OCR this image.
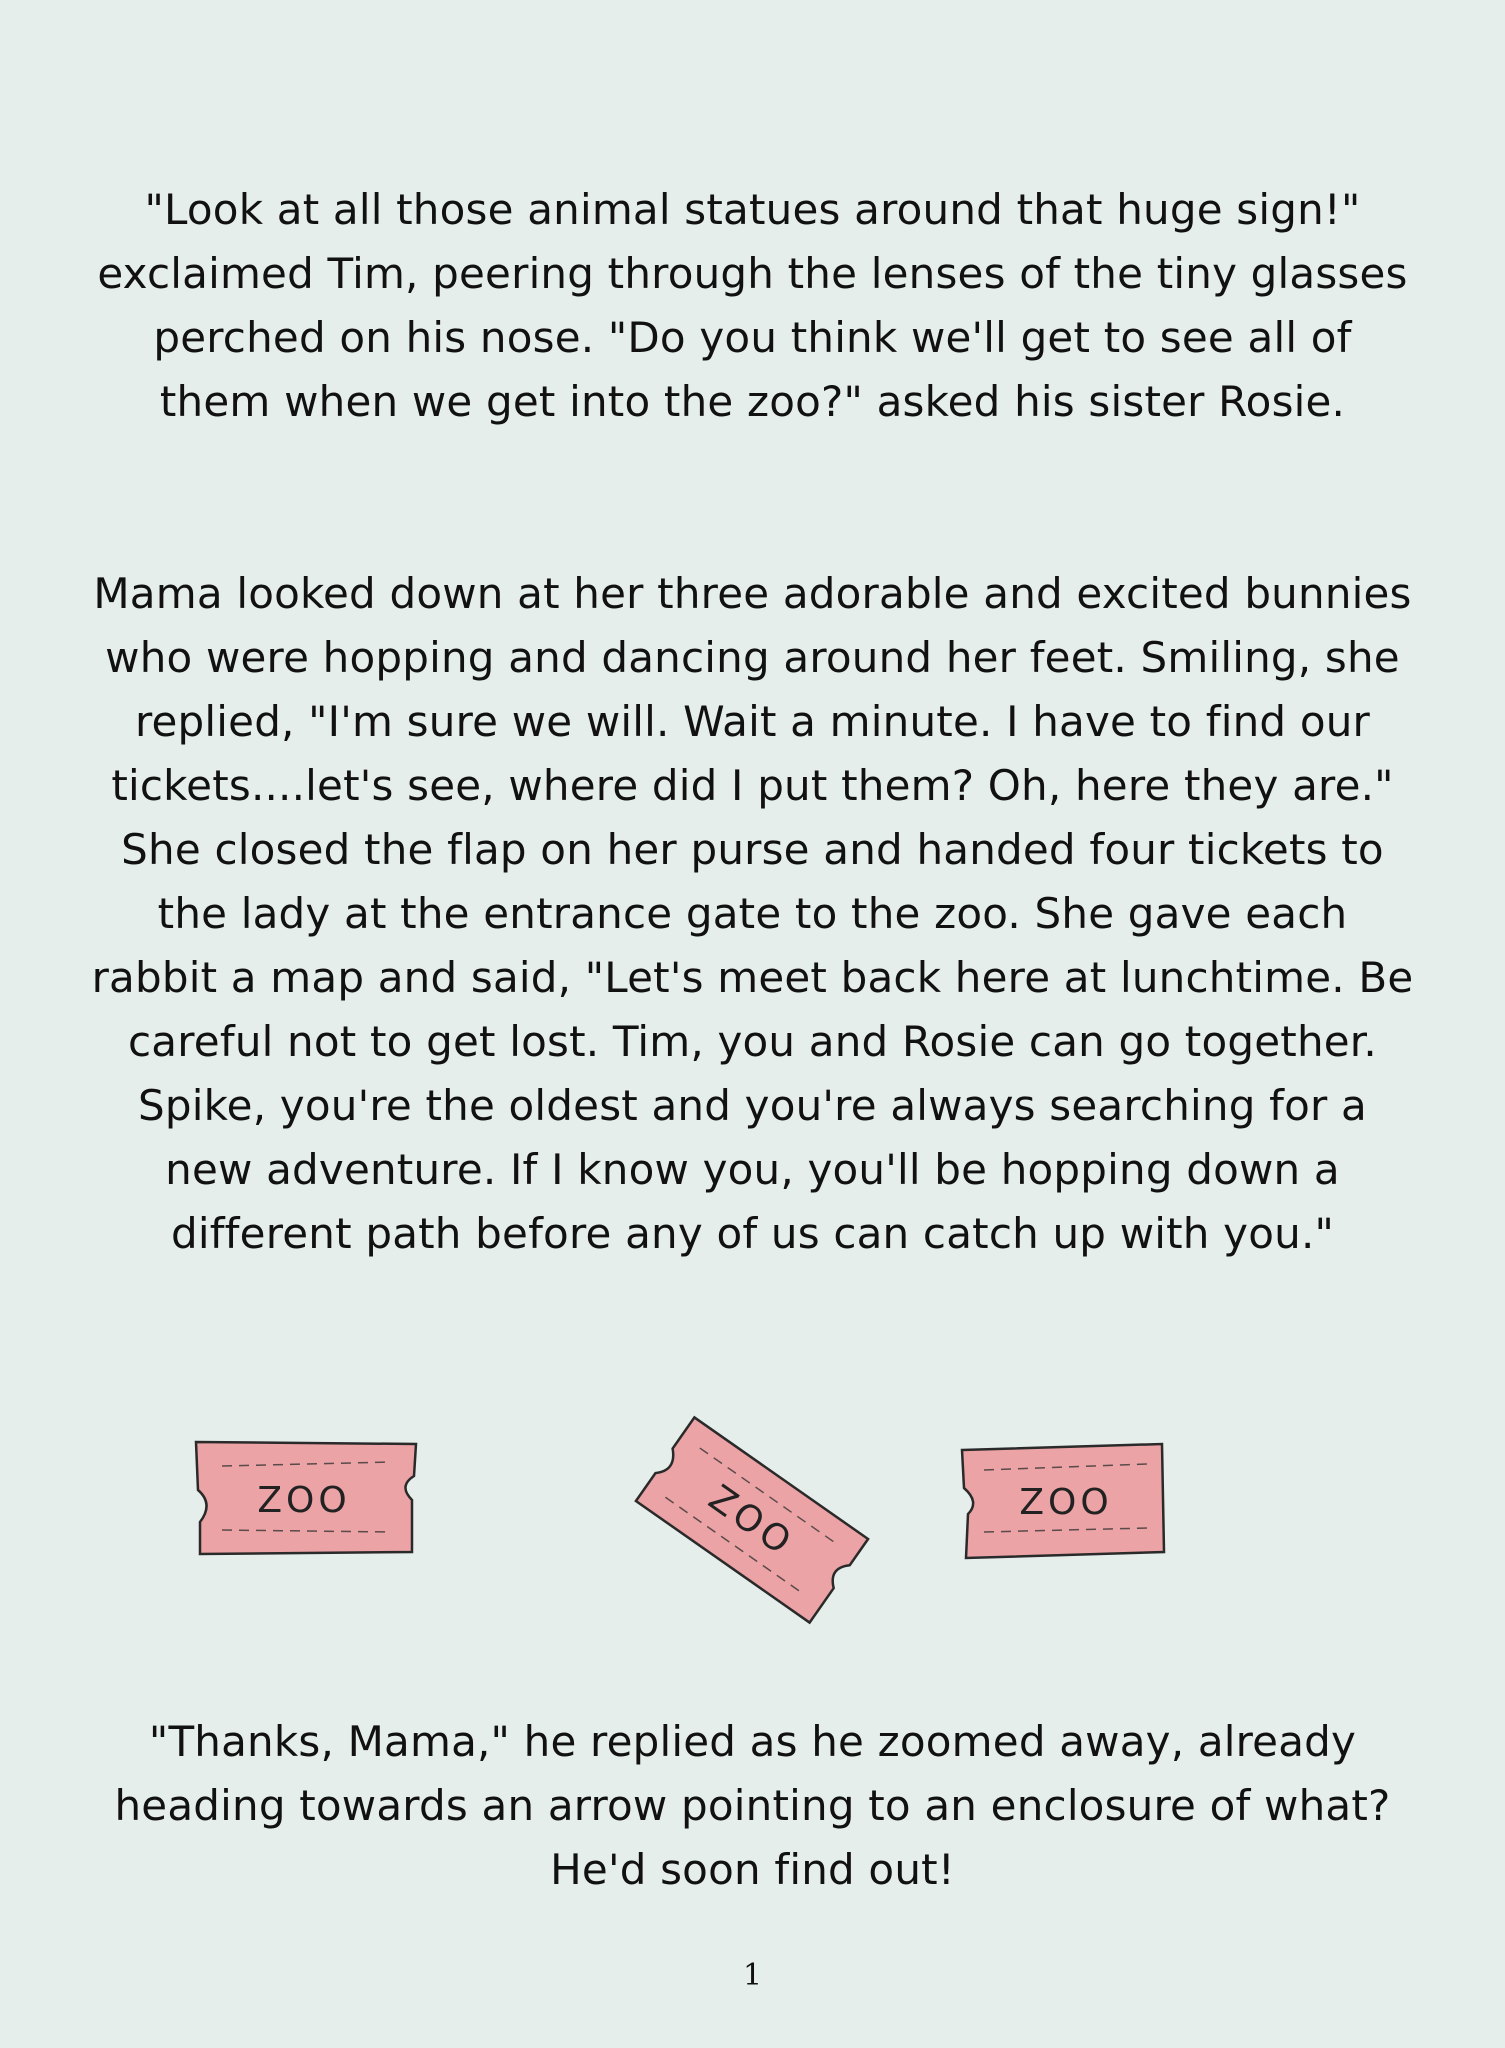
"Look at all those animal statues around that huge sign!"
exclaimed Tim, peering through the lenses of the tiny glasses
perched on his nose. "Do you think we'll get to see all of
them when we get into the zoo?" asked his sister Rosie.

Mama looked down at her three adorable and excited bunnies
who were hopping and dancing around her feet. Smiling, she
replied, "I'm sure we will. Wait a minute. I have to find our
tickets....let's see, where did I put them? Oh, here they are."
She closed the flap on her purse and handed four tickets to
the lady at the entrance gate to the zoo. She gave each
rabbit a map and said, "Let's meet back here at lunchtime. Be
careful not to get lost. Tim, you and Rosie can go together.
Spike, you're the oldest and you're always searching for a
new adventure. If I know you, you'll be hopping down a
different path before any of us can catch up with you."

ZOO	ZOO	ZOO

"Thanks, Mama," he replied as he zoomed away, already
heading towards an arrow pointing to an enclosure of what?
He'd soon find out!

1
